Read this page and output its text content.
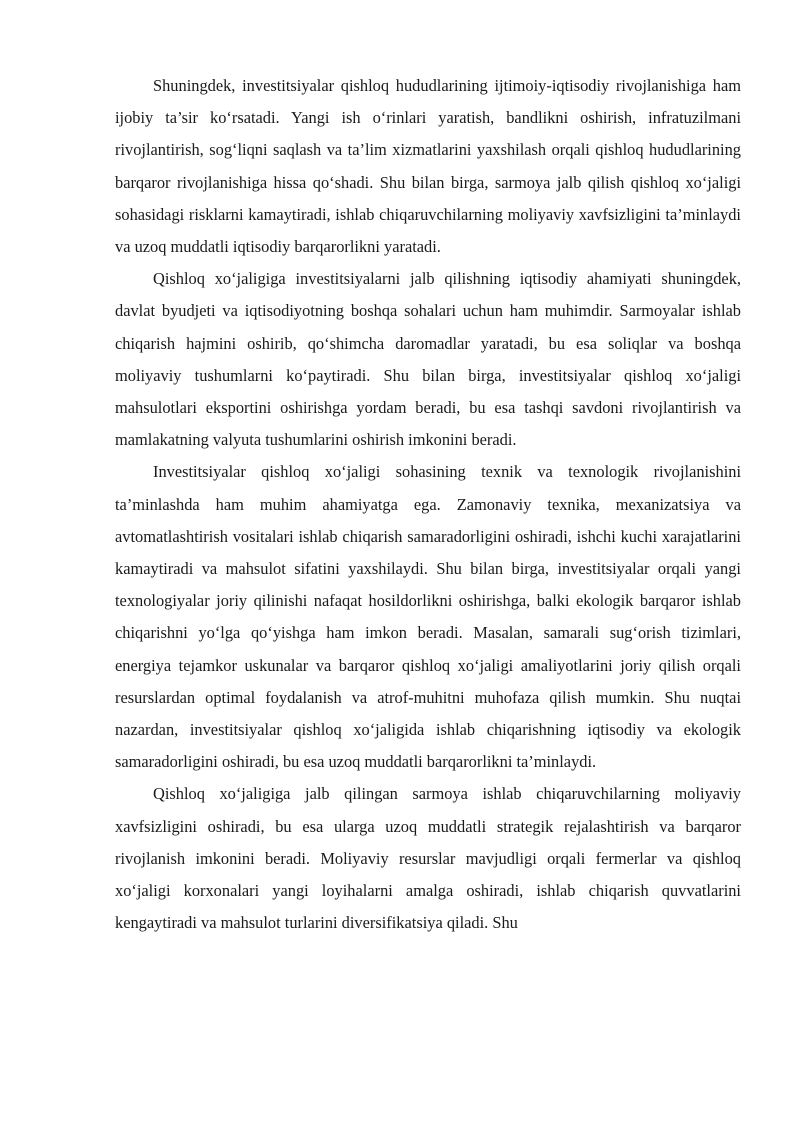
Shuningdek, investitsiyalar qishloq hududlarining ijtimoiy-iqtisodiy rivojlanishiga ham ijobiy ta’sir ko‘rsatadi. Yangi ish o‘rinlari yaratish, bandlikni oshirish, infratuzilmani rivojlantirish, sog‘liqni saqlash va ta’lim xizmatlarini yaxshilash orqali qishloq hududlarining barqaror rivojlanishiga hissa qo‘shadi. Shu bilan birga, sarmoya jalb qilish qishloq xo‘jaligi sohasidagi risklarni kamaytiradi, ishlab chiqaruvchilarning moliyaviy xavfsizligini ta’minlaydi va uzoq muddatli iqtisodiy barqarorlikni yaratadi.

Qishloq xo‘jaligiga investitsiyalarni jalb qilishning iqtisodiy ahamiyati shuningdek, davlat byudjeti va iqtisodiyotning boshqa sohalari uchun ham muhimdir. Sarmoyalar ishlab chiqarish hajmini oshirib, qo‘shimcha daromadlar yaratadi, bu esa soliqlar va boshqa moliyaviy tushumlarni ko‘paytiradi. Shu bilan birga, investitsiyalar qishloq xo‘jaligi mahsulotlari eksportini oshirishga yordam beradi, bu esa tashqi savdoni rivojlantirish va mamlakatning valyuta tushumlarini oshirish imkonini beradi.

Investitsiyalar qishloq xo‘jaligi sohasining texnik va texnologik rivojlanishini ta’minlashda ham muhim ahamiyatga ega. Zamonaviy texnika, mexanizatsiya va avtomatlashtirish vositalari ishlab chiqarish samaradorligini oshiradi, ishchi kuchi xarajatlarini kamaytiradi va mahsulot sifatini yaxshilaydi. Shu bilan birga, investitsiyalar orqali yangi texnologiyalar joriy qilinishi nafaqat hosildorlikni oshirishga, balki ekologik barqaror ishlab chiqarishni yo‘lga qo‘yishga ham imkon beradi. Masalan, samarali sug‘orish tizimlari, energiya tejamkor uskunalar va barqaror qishloq xo‘jaligi amaliyotlarini joriy qilish orqali resurslardan optimal foydalanish va atrof-muhitni muhofaza qilish mumkin. Shu nuqtai nazardan, investitsiyalar qishloq xo‘jaligida ishlab chiqarishning iqtisodiy va ekologik samaradorligini oshiradi, bu esa uzoq muddatli barqarorlikni ta’minlaydi.

Qishloq xo‘jaligiga jalb qilingan sarmoya ishlab chiqaruvchilarning moliyaviy xavfsizligini oshiradi, bu esa ularga uzoq muddatli strategik rejalashtirish va barqaror rivojlanish imkonini beradi. Moliyaviy resurslar mavjudligi orqali fermerlar va qishloq xo‘jaligi korxonalari yangi loyihalarni amalga oshiradi, ishlab chiqarish quvvatlarini kengaytiradi va mahsulot turlarini diversifikatsiya qiladi. Shu
